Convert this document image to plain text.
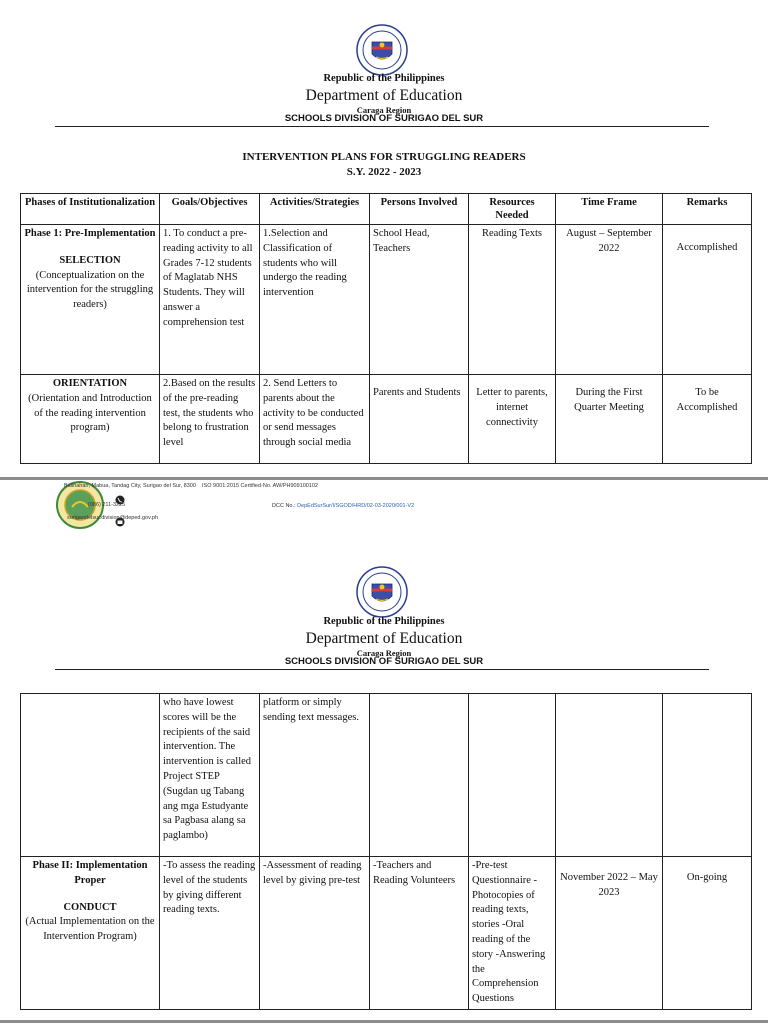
Republic of the Philippines
Department of Education
Caraga Region
SCHOOLS DIVISION OF SURIGAO DEL SUR
INTERVENTION PLANS FOR STRUGGLING READERS
S.Y. 2022 - 2023
Phases of Institutionalization	Goals/Objectives	Activities/Strategies	Persons Involved	Resources Needed	Time Frame	Remarks

Phase 1: Pre-Implementation
SELECTION
(Conceptualization on the intervention for the struggling readers)	1. To conduct a pre-reading activity to all Grades 7-12 students of Maglatab NHS Students. They will answer a comprehension test	1.Selection and Classification of students who will undergo the reading intervention	School Head, Teachers	Reading Texts	August – September 2022	Accomplished

ORIENTATION
(Orientation and Introduction of the reading intervention program)	2.Based on the results of the pre-reading test, the students who belong to frustration level	2. Send Letters to parents about the activity to be conducted or send messages through social media	Parents and Students	Letter to parents, internet connectivity	During the First Quarter Meeting	To be Accomplished
Baliñahan, Mabua, Tandag City, Surigao del Sur, 8300 ISO 9001:2015 Certified-No. AW/PH909100102
(086) 211-3225
surigaodelsur.division@deped.gov.ph
DCC No.: DepEdSurSur/I/SGOD/HRD/02-03-2020/001-V2
Republic of the Philippines
Department of Education
Caraga Region
SCHOOLS DIVISION OF SURIGAO DEL SUR
	who have lowest scores will be the recipients of the said intervention. The intervention is called Project STEP (Sugdan ug Tabang ang mga Estudyante sa Pagbasa alang sa paglambo)	platform or simply sending text messages.				

Phase II: Implementation Proper
CONDUCT
(Actual Implementation on the Intervention Program)	-To assess the reading level of the students by giving different reading texts.	-Assessment of reading level by giving pre-test	-Teachers and Reading Volunteers	-Pre-test Questionnaire -Photocopies of reading texts, stories -Oral reading of the story -Answering the Comprehension Questions	November 2022 – May 2023	On-going
